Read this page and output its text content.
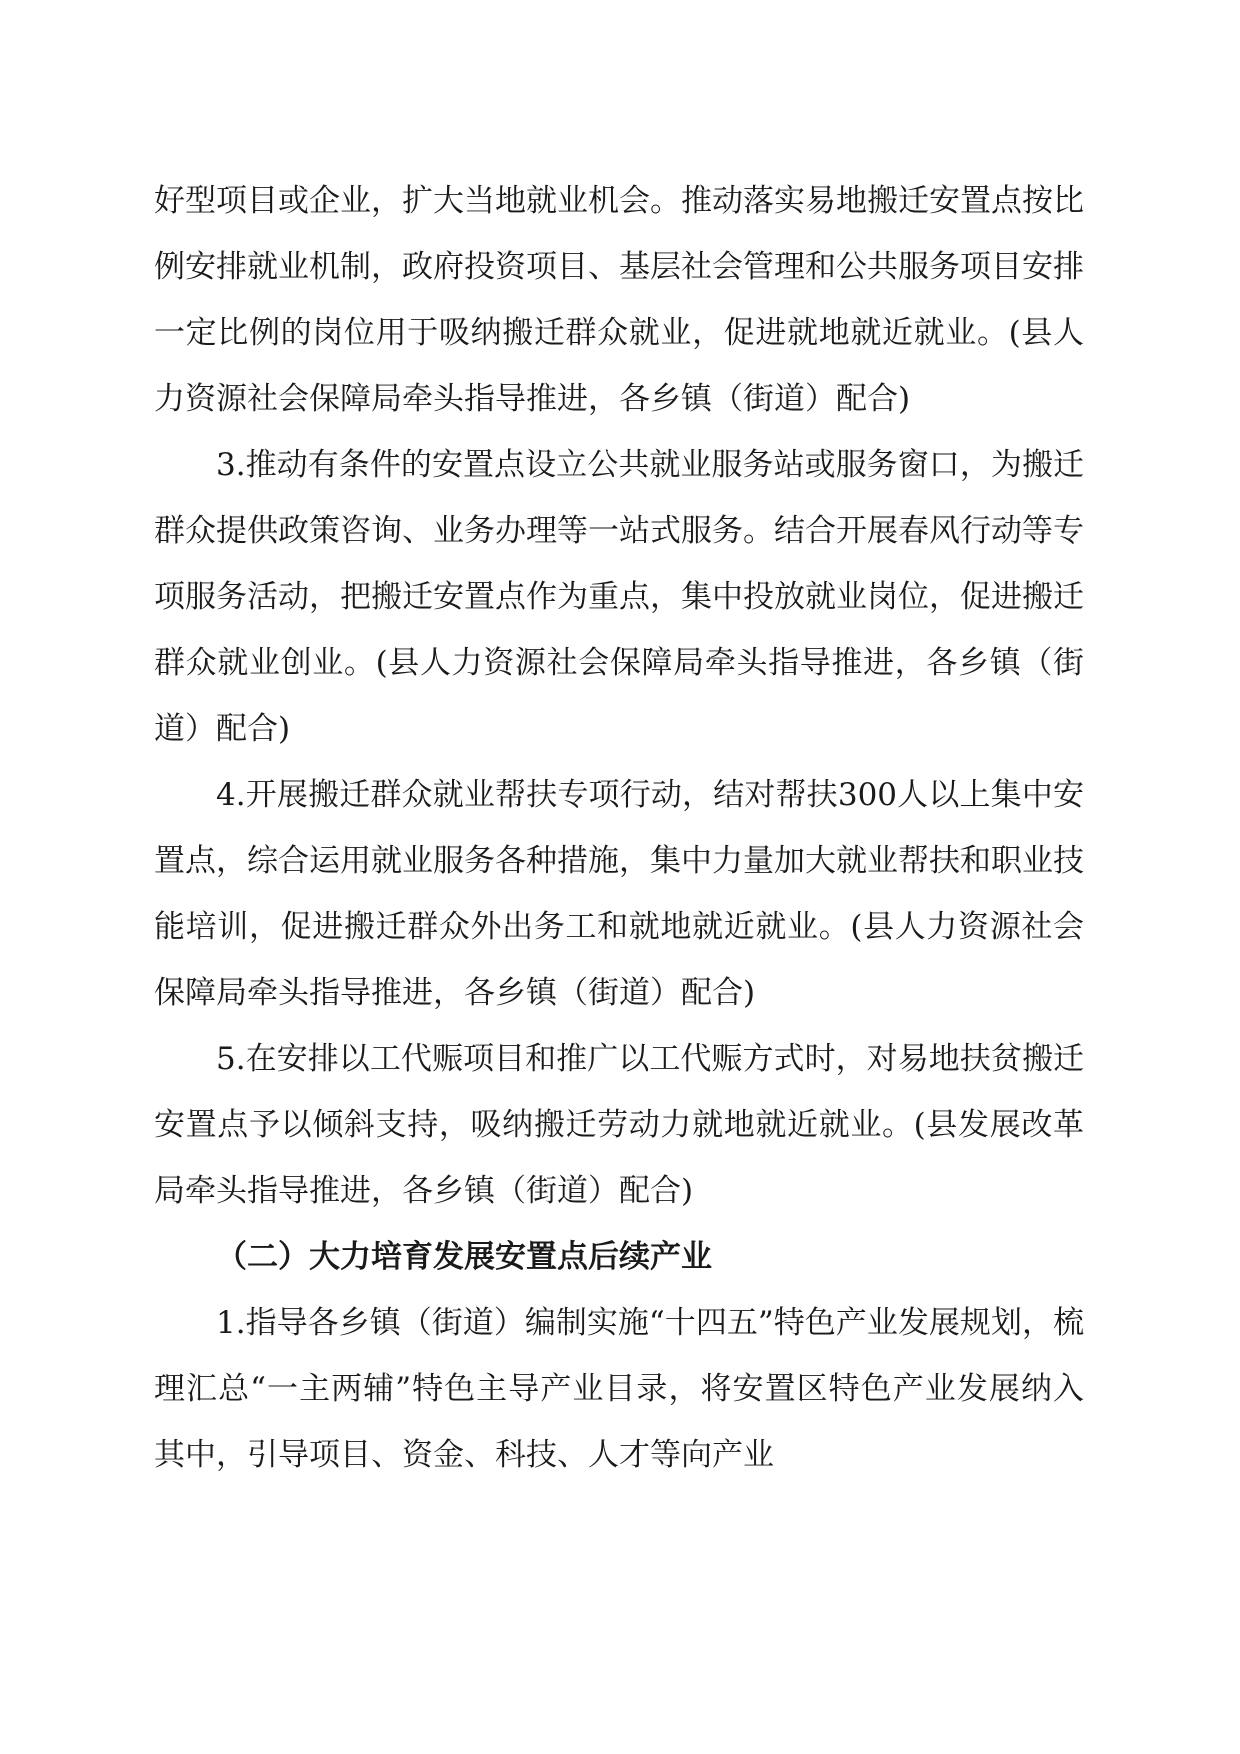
好型项目或企业，扩大当地就业机会。推动落实易地搬迁安置点按比例安排就业机制，政府投资项目、基层社会管理和公共服务项目安排一定比例的岗位用于吸纳搬迁群众就业，促进就地就近就业。(县人力资源社会保障局牵头指导推进，各乡镇（街道）配合)

3.推动有条件的安置点设立公共就业服务站或服务窗口，为搬迁群众提供政策咨询、业务办理等一站式服务。结合开展春风行动等专项服务活动，把搬迁安置点作为重点，集中投放就业岗位，促进搬迁群众就业创业。(县人力资源社会保障局牵头指导推进，各乡镇（街道）配合)

4.开展搬迁群众就业帮扶专项行动，结对帮扶300人以上集中安置点，综合运用就业服务各种措施，集中力量加大就业帮扶和职业技能培训，促进搬迁群众外出务工和就地就近就业。(县人力资源社会保障局牵头指导推进，各乡镇（街道）配合)

5.在安排以工代赈项目和推广以工代赈方式时，对易地扶贫搬迁安置点予以倾斜支持，吸纳搬迁劳动力就地就近就业。(县发展改革局牵头指导推进，各乡镇（街道）配合)

（二）大力培育发展安置点后续产业

1.指导各乡镇（街道）编制实施“十四五”特色产业发展规划，梳理汇总“一主两辅”特色主导产业目录，将安置区特色产业发展纳入其中，引导项目、资金、科技、人才等向产业
